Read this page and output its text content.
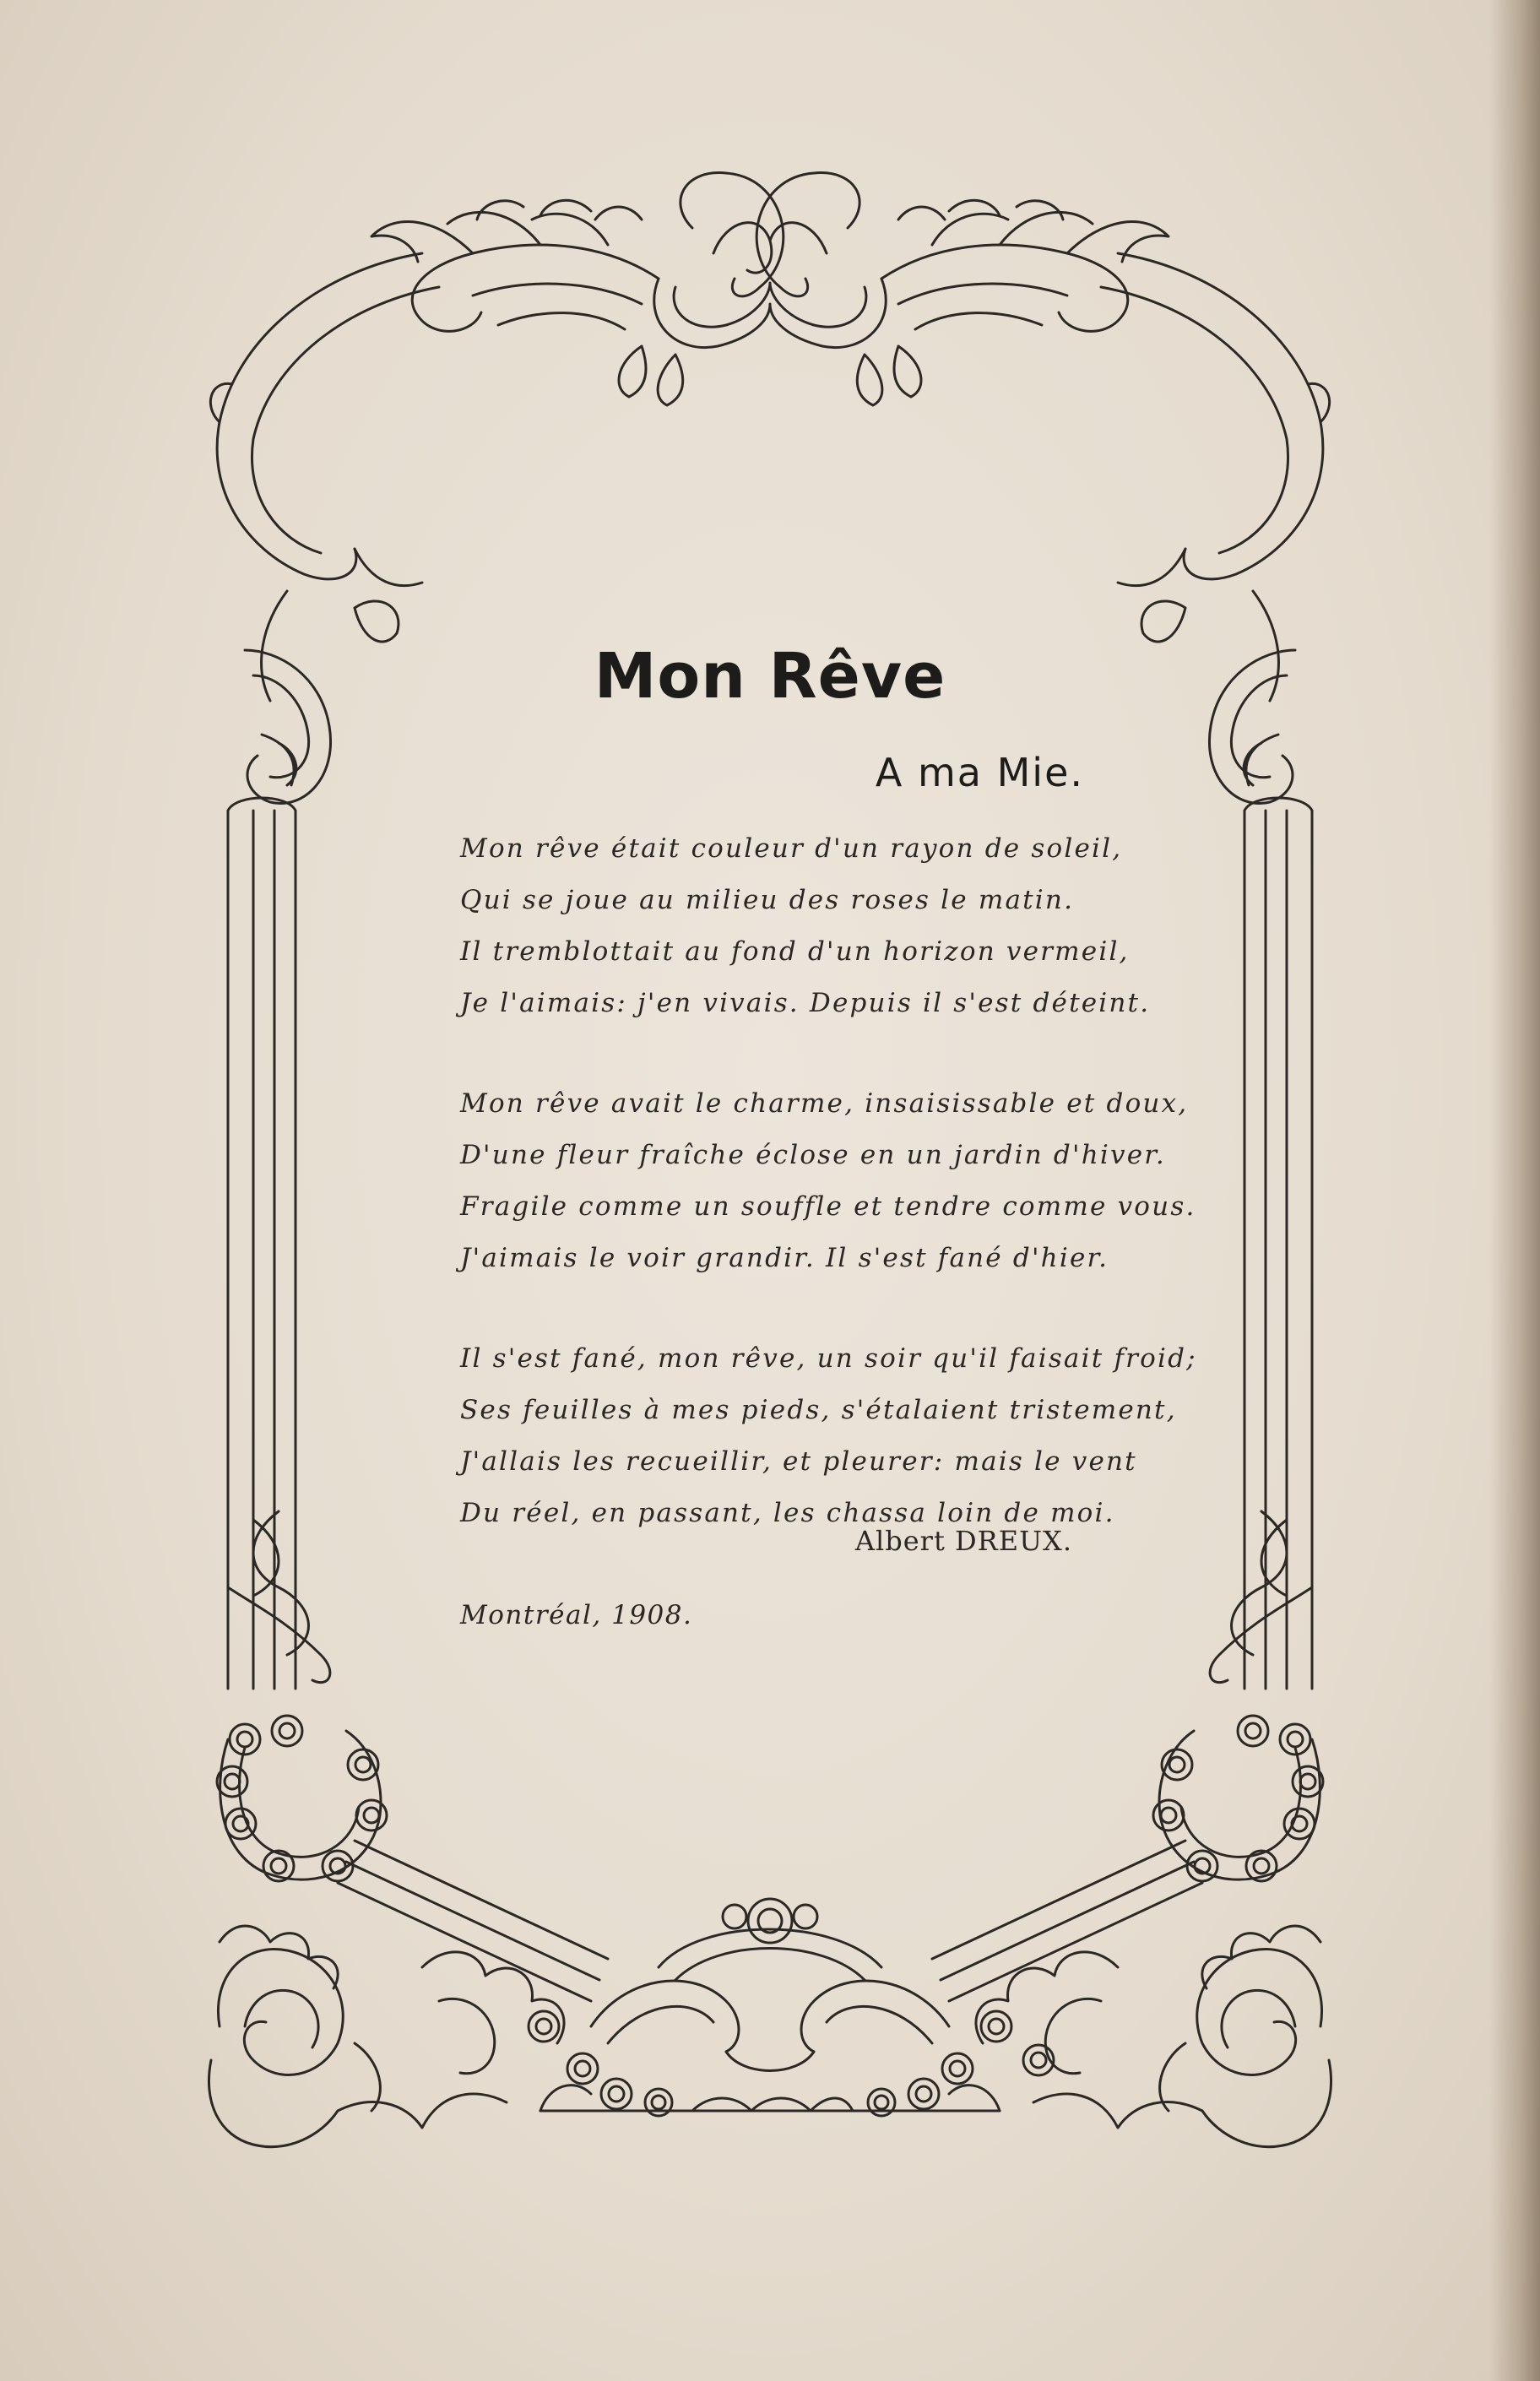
Mon Rêve
A ma Mie.
Mon rêve était couleur d'un rayon de soleil,
Qui se joue au milieu des roses le matin.
Il tremblottait au fond d'un horizon vermeil,
Je l'aimais: j'en vivais. Depuis il s'est déteint.
Mon rêve avait le charme, insaisissable et doux,
D'une fleur fraîche éclose en un jardin d'hiver.
Fragile comme un souffle et tendre comme vous.
J'aimais le voir grandir. Il s'est fané d'hier.
Il s'est fané, mon rêve, un soir qu'il faisait froid;
Ses feuilles à mes pieds, s'étalaient tristement,
J'allais les recueillir, et pleurer: mais le vent
Du réel, en passant, les chassa loin de moi.
Albert DREUX.
Montréal, 1908.
